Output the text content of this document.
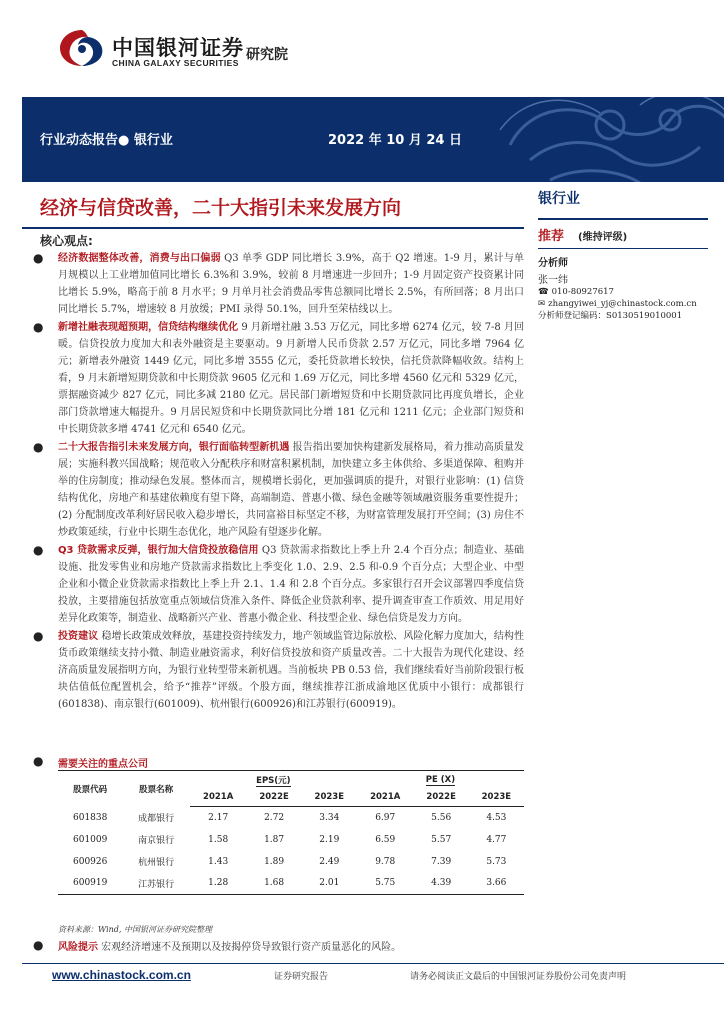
中国银河证券
CHINA GALAXY SECURITIES 研究院
行业动态报告● 银行业	2022 年 10 月 24 日
经济与信贷改善，二十大指引未来发展方向
核心观点:
● 经济数据整体改善，消费与出口偏弱 Q3 单季 GDP 同比增长 3.9%，高于 Q2 增速。1-9 月，累计与单月规模以上工业增加值同比增长 6.3%和 3.9%，较前 8 月增速进一步回升；1-9 月固定资产投资累计同比增长 5.9%，略高于前 8 月水平；9 月单月社会消费品零售总额同比增长 2.5%，有所回落；8 月出口同比增长 5.7%，增速较 8 月放缓；PMI 录得 50.1%，回升至荣枯线以上。
● 新增社融表现超预期，信贷结构继续优化 9 月新增社融 3.53 万亿元，同比多增 6274 亿元，较 7-8 月回暖。信贷投放力度加大和表外融资是主要驱动。9 月新增人民币贷款 2.57 万亿元，同比多增 7964 亿元；新增表外融资 1449 亿元，同比多增 3555 亿元，委托贷款增长较快，信托贷款降幅收敛。结构上看，9 月末新增短期贷款和中长期贷款 9605 亿元和 1.69 万亿元，同比多增 4560 亿元和 5329 亿元，票据融资减少 827 亿元，同比多减 2180 亿元。居民部门新增短贷和中长期贷款同比再度负增长，企业部门贷款增速大幅提升。9 月居民短贷和中长期贷款同比分增 181 亿元和 1211 亿元；企业部门短贷和中长期贷款多增 4741 亿元和 6540 亿元。
● 二十大报告指引未来发展方向，银行面临转型新机遇 报告指出要加快构建新发展格局，着力推动高质量发展；实施科教兴国战略；规范收入分配秩序和财富积累机制，加快建立多主体供给、多渠道保障、租购并举的住房制度；推动绿色发展。整体而言，规模增长弱化，更加强调质的提升，对银行业影响：(1) 信贷结构优化，房地产和基建依赖度有望下降，高端制造、普惠小微、绿色金融等领域融资服务重要性提升；(2) 分配制度改革利好居民收入稳步增长，共同富裕目标坚定不移，为财富管理发展打开空间；(3) 房住不炒政策延续，行业中长期生态优化，地产风险有望逐步化解。
● Q3 贷款需求反弹，银行加大信贷投放稳信用 Q3 贷款需求指数比上季上升 2.4 个百分点；制造业、基础设施、批发零售业和房地产贷款需求指数比上季变化 1.0、2.9、2.5 和-0.9 个百分点；大型企业、中型企业和小微企业贷款需求指数比上季上升 2.1、1.4 和 2.8 个百分点。多家银行召开会议部署四季度信贷投放，主要措施包括放宽重点领域信贷准入条件、降低企业贷款利率、提升调查审查工作质效、用足用好差异化政策等，制造业、战略新兴产业、普惠小微企业、科技型企业、绿色信贷是发力方向。
● 投资建议 稳增长政策成效释放，基建投资持续发力，地产领域监管边际放松、风险化解力度加大，结构性货币政策继续支持小微、制造业融资需求，利好信贷投放和资产质量改善。二十大报告为现代化建设、经济高质量发展指明方向，为银行业转型带来新机遇。当前板块 PB 0.53 倍，我们继续看好当前阶段银行板块估值低位配置机会，给予“推荐”评级。个股方面，继续推荐江浙成渝地区优质中小银行：成都银行(601838)、南京银行(601009)、杭州银行(600926)和江苏银行(600919)。
● 需要关注的重点公司
股票代码	股票名称	EPS(元)			PE (X)		
		2021A	2022E	2023E	2021A	2022E	2023E
601838	成都银行	2.17	2.72	3.34	6.97	5.56	4.53
601009	南京银行	1.58	1.87	2.19	6.59	5.57	4.77
600926	杭州银行	1.43	1.89	2.49	9.78	7.39	5.73
600919	江苏银行	1.28	1.68	2.01	5.75	4.39	3.66
资料来源：Wind, 中国银河证券研究院整理
● 风险提示 宏观经济增速不及预期以及按揭停贷导致银行资产质量恶化的风险。
银行业
推荐 (维持评级)
分析师
张一纬
☎ 010-80927617
✉ zhangyiwei_yj@chinastock.com.cn
分析师登记编码：S0130519010001
www.chinastock.com.cn	证券研究报告	请务必阅读正文最后的中国银河证券股份公司免责声明
